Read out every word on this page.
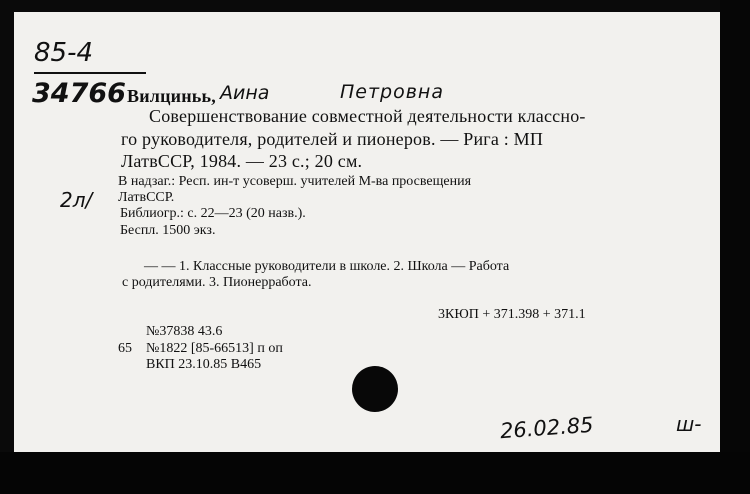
85-4
34766 Вилциньь, Аина	Петровна
Совершенствование совместной деятельности классно-
го руководителя, родителей и пионеров. — Рига : МП
ЛатвССР, 1984. — 23 с.; 20 см.
2л/
В надзаг.: Респ. ин-т усоверш. учителей М-ва просвещения
ЛатвССР.
Библиогр.: с. 22—23 (20 назв.).
Беспл. 1500 экз.
— — 1. Классные руководители в школе. 2. Школа — Работа
с родителями. 3. Пионерработа.
3КЮП + 371.398 + 371.1
№37838 43.6
65 №1822 [85-66513] п оп
ВКП 23.10.85 В465
26.02.85	ш-
